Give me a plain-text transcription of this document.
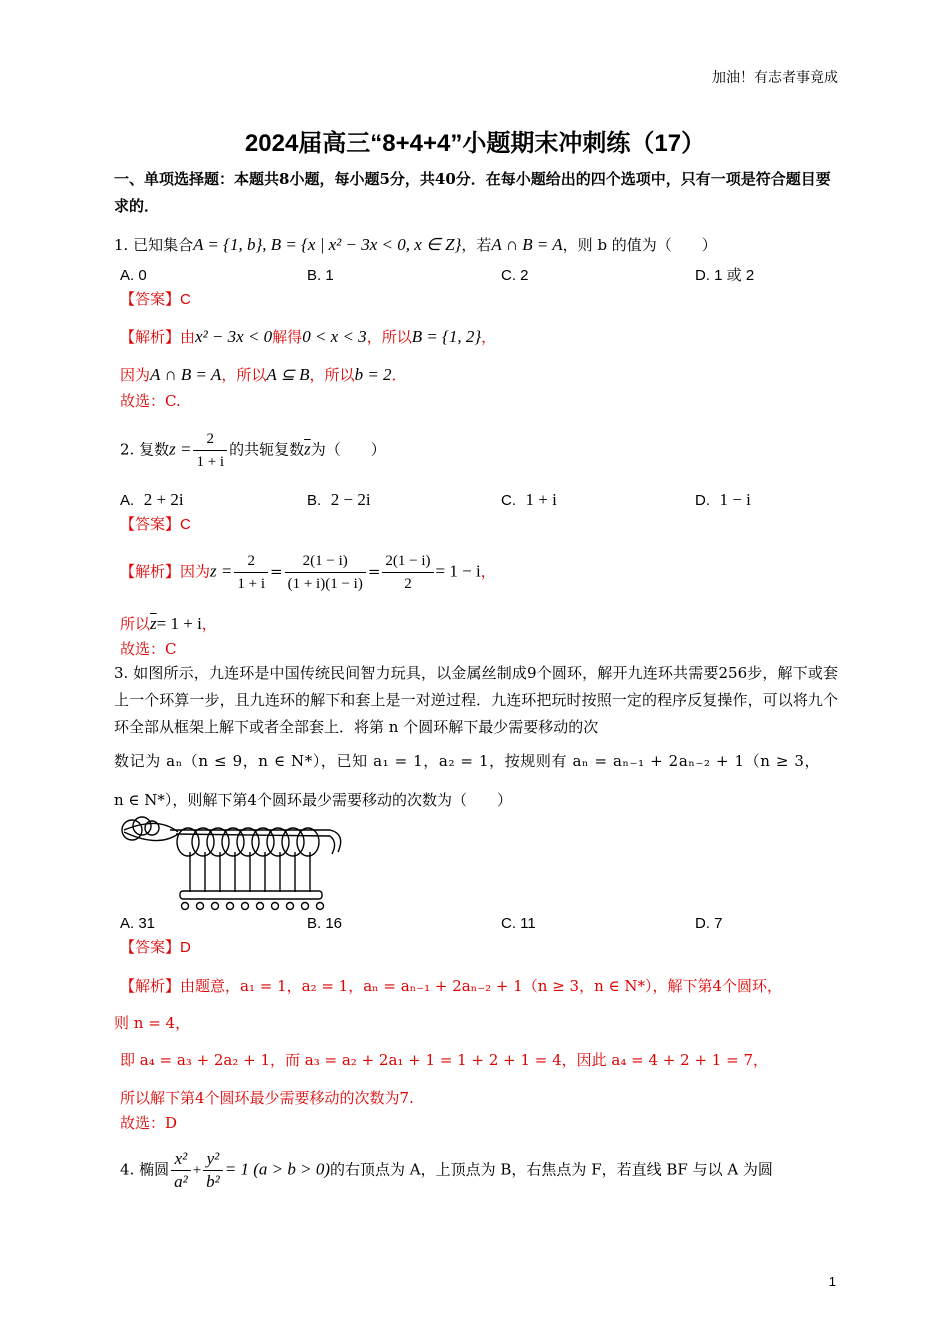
加油！有志者事竟成
2024届高三“8+4+4”小题期末冲刺练（17）
一、单项选择题：本题共8小题，每小题5分，共40分．在每小题给出的四个选项中，只有一项是符合题目要求的．
1. 已知集合A = {1, b}, B = {x | x² − 3x < 0, x ∈ Z}，若A ∩ B = A，则 b 的值为（　　）
A. 0	B. 1	C. 2	D. 1 或 2
【答案】C
【解析】由x² − 3x < 0解得0 < x < 3，所以B = {1, 2}，
因为A ∩ B = A，所以A ⊆ B，所以b = 2．
故选：C.
2. 复数$z = \frac{2}{1 + i}$ 的共轭复数$\overline{z}$为（　　）
A. 2 + 2i	B. 2 − 2i	C. 1 + i	D. 1 − i
【答案】C
【解析】因为$z = \frac{2}{1 + i} = \frac{2(1 - i)}{(1 + i)(1 - i)} = \frac{2(1 - i)}{2} = 1 - i$，
所以$\overline{z}= 1 + i$，
故选：C
3. 如图所示，九连环是中国传统民间智力玩具，以金属丝制成9个圆环，解开九连环共需要256步，解下或套上一个环算一步，且九连环的解下和套上是一对逆过程．九连环把玩时按照一定的程序反复操作，可以将九个环全部从框架上解下或者全部套上．将第 n 个圆环解下最少需要移动的次
数记为 aₙ（n ≤ 9，n ∈ N*），已知 a₁ = 1，a₂ = 1，按规则有 aₙ = aₙ₋₁ + 2aₙ₋₂ + 1（n ≥ 3，
n ∈ N*），则解下第4个圆环最少需要移动的次数为（　　）
A. 31	B. 16	C. 11	D. 7
【答案】D
【解析】由题意，a₁ = 1，a₂ = 1，aₙ = aₙ₋₁ + 2aₙ₋₂ + 1（n ≥ 3，n ∈ N*），解下第4个圆环，
则 n = 4，
即 a₄ = a₃ + 2a₂ + 1，而 a₃ = a₂ + 2a₁ + 1 = 1 + 2 + 1 = 4，因此 a₄ = 4 + 2 + 1 = 7，
所以解下第4个圆环最少需要移动的次数为7.
故选：D
4. 椭圆 $\frac{\text{x²}}{\text{a²}} + \frac{\text{y²}}{\text{b²}} = 1$ (a > b > 0)的右顶点为 A，上顶点为 B，右焦点为 F，若直线 BF 与以 A 为圆
1
